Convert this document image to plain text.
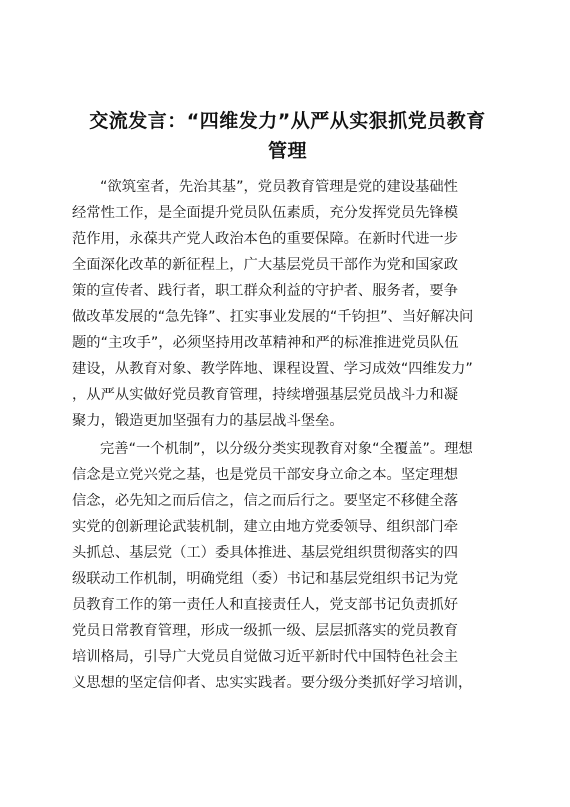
交流发言：“四维发力”从严从实狠抓党员教育
管理
“欲筑室者，先治其基”，党员教育管理是党的建设基础性
经常性工作，是全面提升党员队伍素质，充分发挥党员先锋模
范作用，永葆共产党人政治本色的重要保障。在新时代进一步
全面深化改革的新征程上，广大基层党员干部作为党和国家政
策的宣传者、践行者，职工群众利益的守护者、服务者，要争
做改革发展的“急先锋”、扛实事业发展的“千钧担”、当好解决问
题的“主攻手”，必须坚持用改革精神和严的标准推进党员队伍
建设，从教育对象、教学阵地、课程设置、学习成效“四维发力”
，从严从实做好党员教育管理，持续增强基层党员战斗力和凝
聚力，锻造更加坚强有力的基层战斗堡垒。
完善“一个机制”，以分级分类实现教育对象“全覆盖”。理想
信念是立党兴党之基，也是党员干部安身立命之本。坚定理想
信念，必先知之而后信之，信之而后行之。要坚定不移健全落
实党的创新理论武装机制，建立由地方党委领导、组织部门牵
头抓总、基层党（工）委具体推进、基层党组织贯彻落实的四
级联动工作机制，明确党组（委）书记和基层党组织书记为党
员教育工作的第一责任人和直接责任人，党支部书记负责抓好
党员日常教育管理，形成一级抓一级、层层抓落实的党员教育
培训格局，引导广大党员自觉做习近平新时代中国特色社会主
义思想的坚定信仰者、忠实实践者。要分级分类抓好学习培训，
